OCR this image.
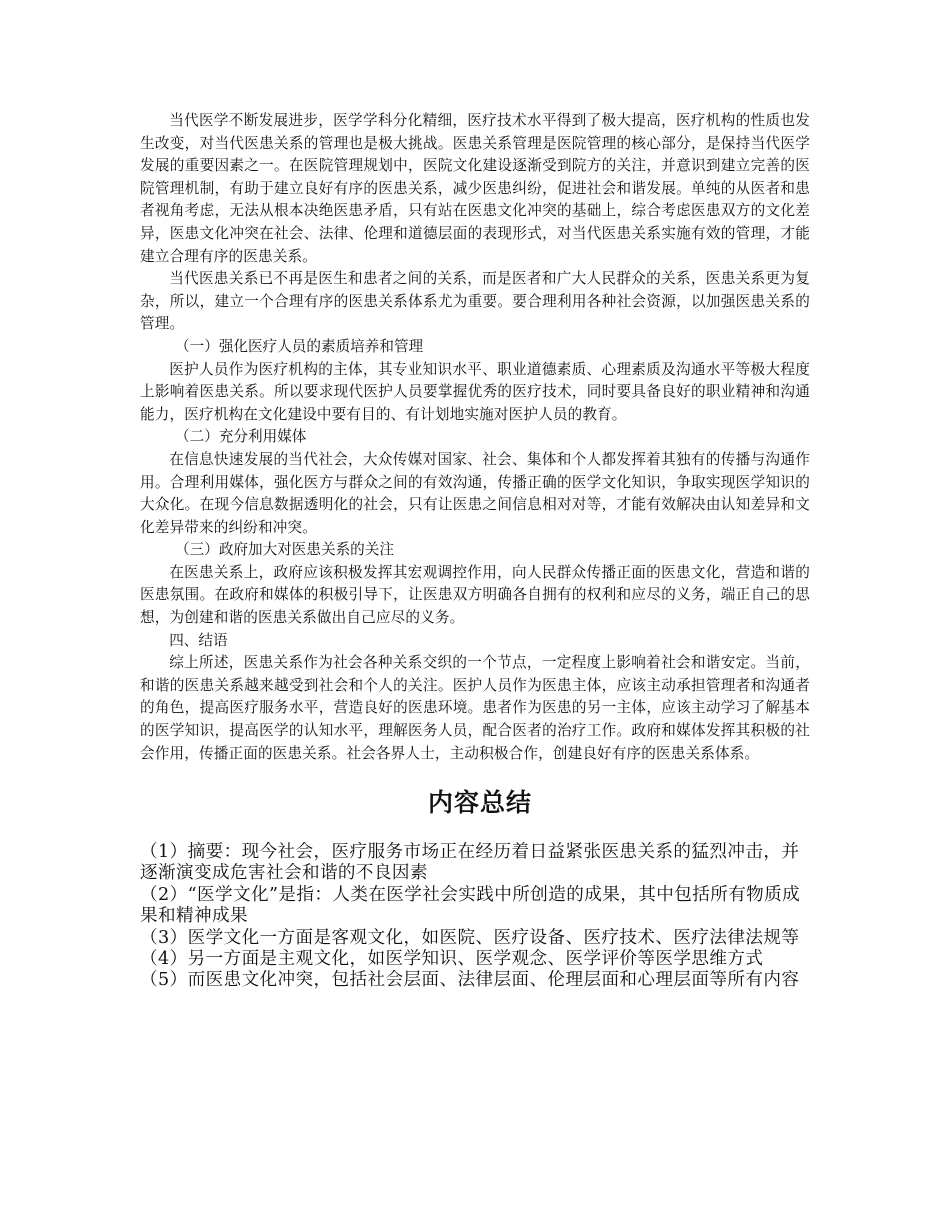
当代医学不断发展进步，医学学科分化精细，医疗技术水平得到了极大提高，医疗机构的性质也发生改变，对当代医患关系的管理也是极大挑战。医患关系管理是医院管理的核心部分，是保持当代医学发展的重要因素之一。在医院管理规划中，医院文化建设逐渐受到院方的关注，并意识到建立完善的医院管理机制，有助于建立良好有序的医患关系，减少医患纠纷，促进社会和谐发展。单纯的从医者和患者视角考虑，无法从根本决绝医患矛盾，只有站在医患文化冲突的基础上，综合考虑医患双方的文化差异，医患文化冲突在社会、法律、伦理和道德层面的表现形式，对当代医患关系实施有效的管理，才能建立合理有序的医患关系。

当代医患关系已不再是医生和患者之间的关系，而是医者和广大人民群众的关系，医患关系更为复杂，所以，建立一个合理有序的医患关系体系尤为重要。要合理利用各种社会资源，以加强医患关系的管理。

（一）强化医疗人员的素质培养和管理

医护人员作为医疗机构的主体，其专业知识水平、职业道德素质、心理素质及沟通水平等极大程度上影响着医患关系。所以要求现代医护人员要掌握优秀的医疗技术，同时要具备良好的职业精神和沟通能力，医疗机构在文化建设中要有目的、有计划地实施对医护人员的教育。

（二）充分利用媒体

在信息快速发展的当代社会，大众传媒对国家、社会、集体和个人都发挥着其独有的传播与沟通作用。合理利用媒体，强化医方与群众之间的有效沟通，传播正确的医学文化知识，争取实现医学知识的大众化。在现今信息数据透明化的社会，只有让医患之间信息相对对等，才能有效解决由认知差异和文化差异带来的纠纷和冲突。

（三）政府加大对医患关系的关注

在医患关系上，政府应该积极发挥其宏观调控作用，向人民群众传播正面的医患文化，营造和谐的医患氛围。在政府和媒体的积极引导下，让医患双方明确各自拥有的权利和应尽的义务，端正自己的思想，为创建和谐的医患关系做出自己应尽的义务。

四、结语

综上所述，医患关系作为社会各种关系交织的一个节点，一定程度上影响着社会和谐安定。当前，和谐的医患关系越来越受到社会和个人的关注。医护人员作为医患主体，应该主动承担管理者和沟通者的角色，提高医疗服务水平，营造良好的医患环境。患者作为医患的另一主体，应该主动学习了解基本的医学知识，提高医学的认知水平，理解医务人员，配合医者的治疗工作。政府和媒体发挥其积极的社会作用，传播正面的医患关系。社会各界人士，主动积极合作，创建良好有序的医患关系体系。

内容总结

（1）摘要：现今社会，医疗服务市场正在经历着日益紧张医患关系的猛烈冲击，并逐渐演变成危害社会和谐的不良因素

（2）“医学文化”是指：人类在医学社会实践中所创造的成果，其中包括所有物质成果和精神成果

（3）医学文化一方面是客观文化，如医院、医疗设备、医疗技术、医疗法律法规等

（4）另一方面是主观文化，如医学知识、医学观念、医学评价等医学思维方式

（5）而医患文化冲突，包括社会层面、法律层面、伦理层面和心理层面等所有内容
